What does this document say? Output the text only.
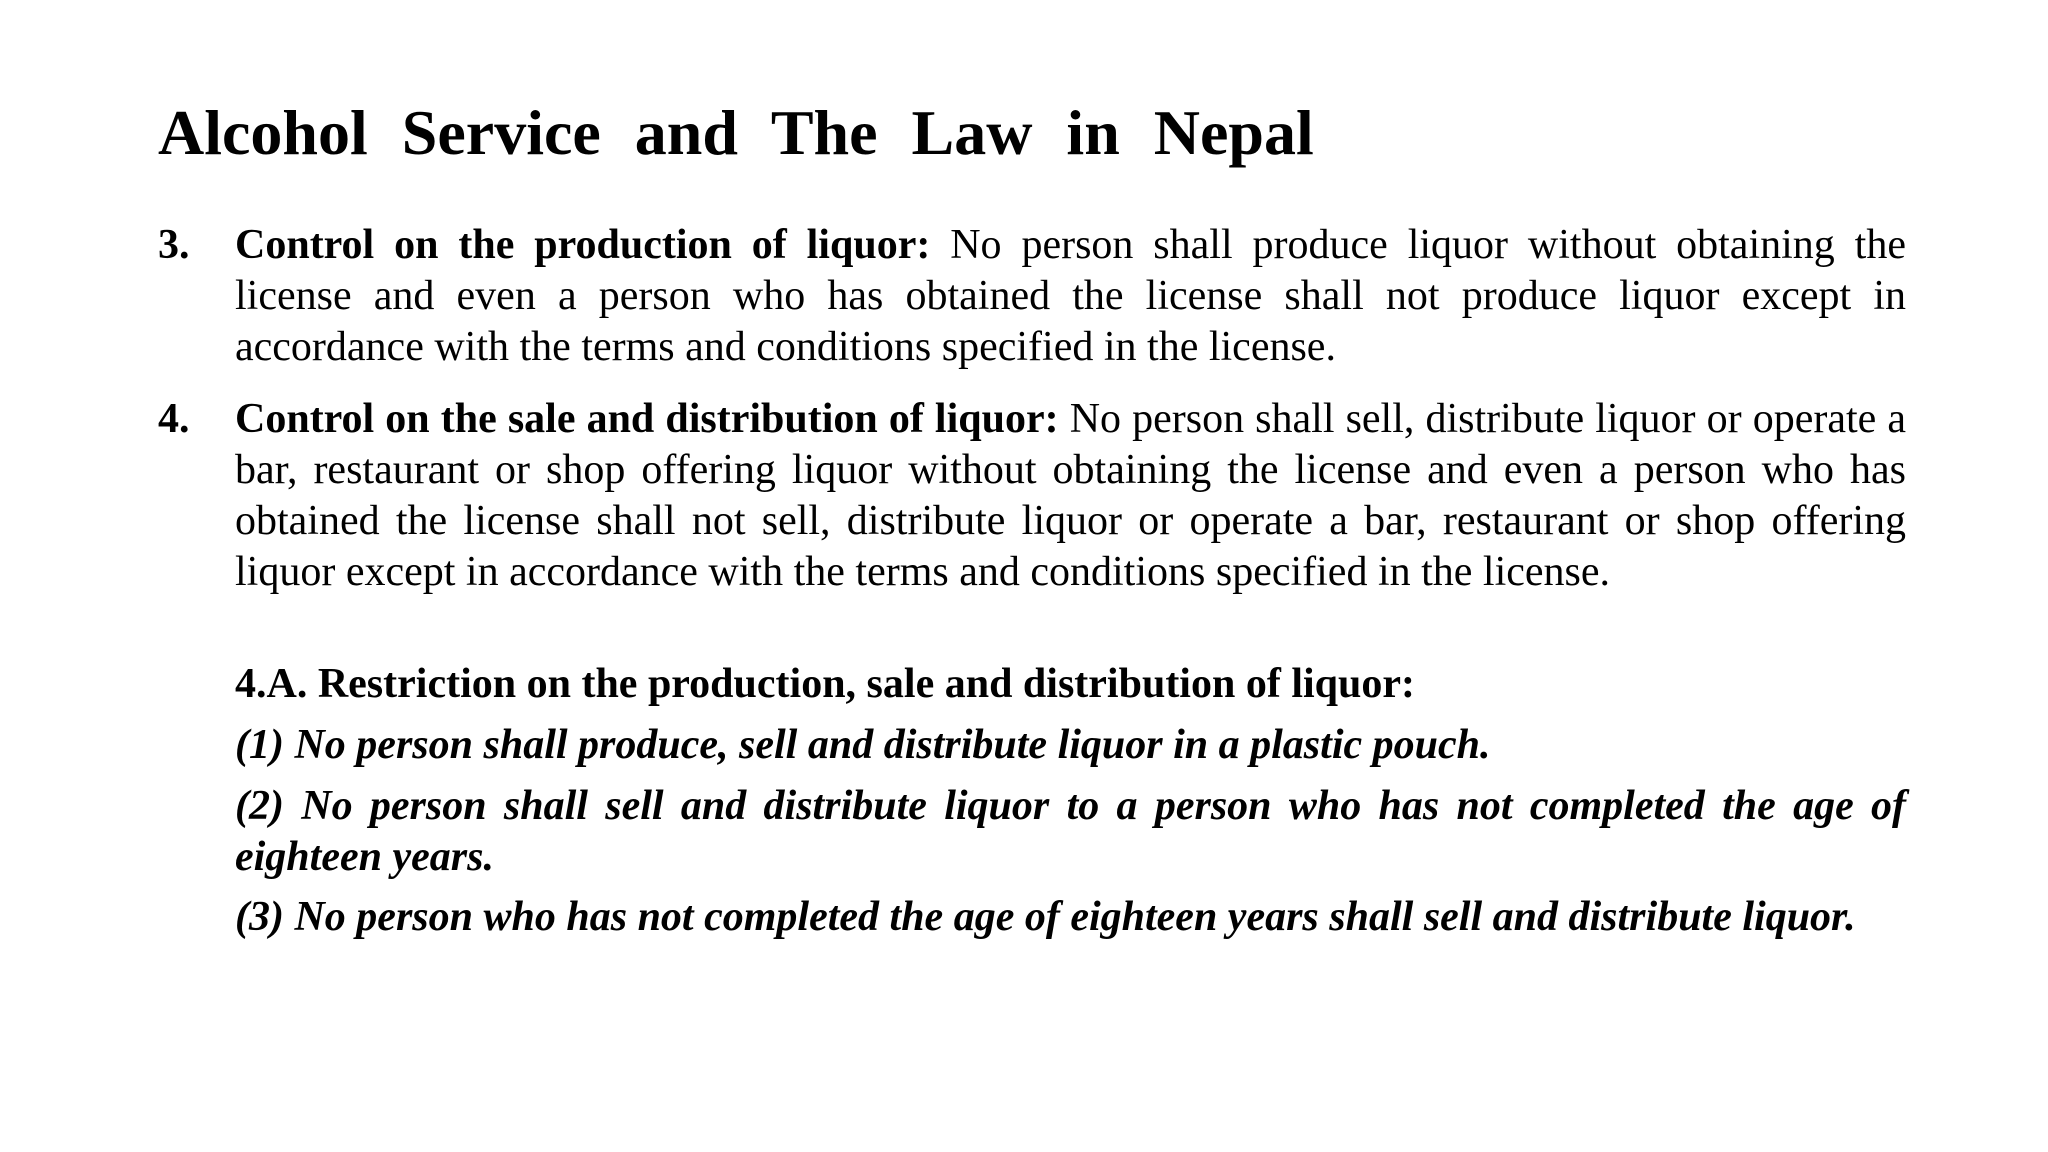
Alcohol Service and The Law in Nepal
3. Control on the production of liquor: No person shall produce liquor without obtaining the license and even a person who has obtained the license shall not produce liquor except in accordance with the terms and conditions specified in the license.
4. Control on the sale and distribution of liquor: No person shall sell, distribute liquor or operate a bar, restaurant or shop offering liquor without obtaining the license and even a person who has obtained the license shall not sell, distribute liquor or operate a bar, restaurant or shop offering liquor except in accordance with the terms and conditions specified in the license.
4.A. Restriction on the production, sale and distribution of liquor:
(1) No person shall produce, sell and distribute liquor in a plastic pouch.
(2) No person shall sell and distribute liquor to a person who has not completed the age of eighteen years.
(3) No person who has not completed the age of eighteen years shall sell and distribute liquor.
